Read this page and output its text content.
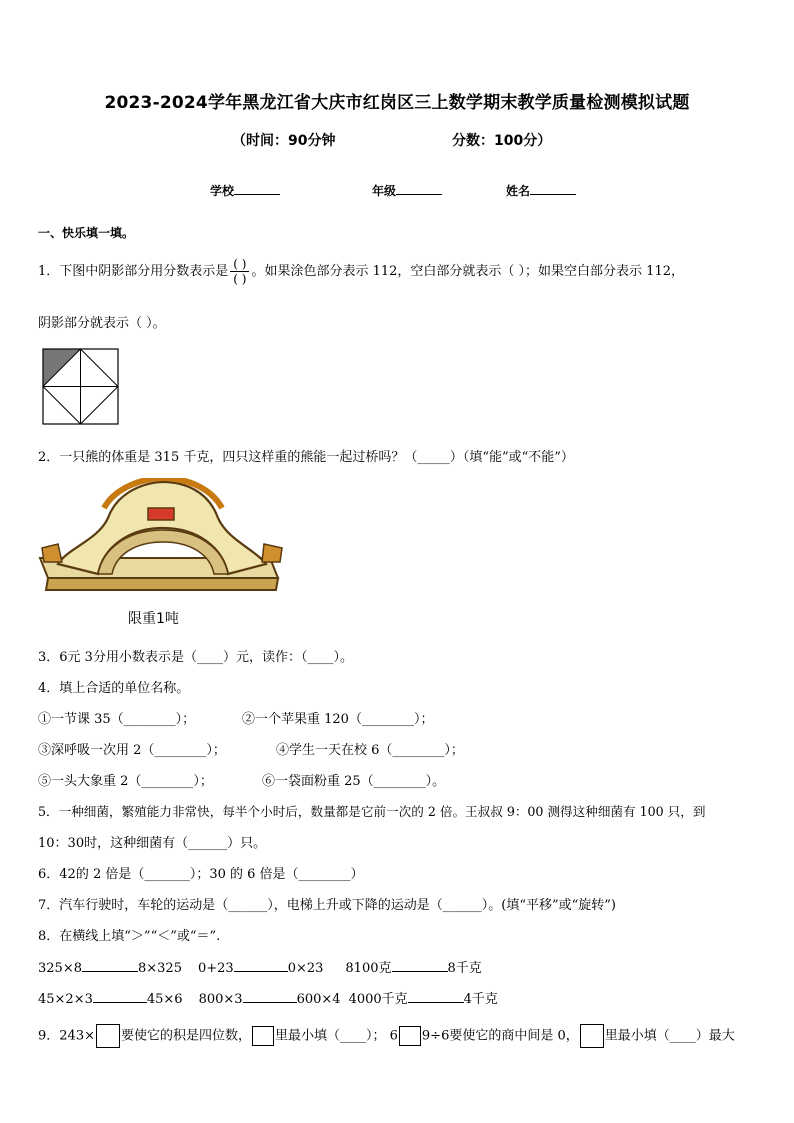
2023-2024学年黑龙江省大庆市红岗区三上数学期末教学质量检测模拟试题
（时间：90分钟	分数：100分）
学校	年级	姓名
一、快乐填一填。
1．下图中阴影部分用分数表示是 $\frac{( )}{( )}$ 。如果涂色部分表示 112，空白部分就表示（ ）；如果空白部分表示 112，
阴影部分就表示（ ）。
2．一只熊的体重是 315 千克，四只这样重的熊能一起过桥吗？（_____）（填“能”或“不能”）
限重1吨
3．6元 3分用小数表示是（____）元，读作：（____）。
4．填上合适的单位名称。
①一节课 35（________）；	②一个苹果重 120（________）；
③深呼吸一次用 2（________）；	④学生一天在校 6（________）；
⑤一头大象重 2（________）；	⑥一袋面粉重 25（________）。
5．一种细菌，繁殖能力非常快，每半个小时后，数量都是它前一次的 2 倍。王叔叔 9：00 测得这种细菌有 100 只，到
10：30时，这种细菌有（______）只。
6．42的 2 倍是（_______）；30 的 6 倍是（________）
7．汽车行驶时，车轮的运动是（______），电梯上升或下降的运动是（______）。(填“平移”或“旋转”)
8．在横线上填“＞”“＜”或“＝”.
325×8	8×325 0+23	0×23 8100克	8千克
45×2×3	45×6 800×3	600×4 4000千克	4千克
9．243× 要使它的积是四位数， 里最小填（____）； 6 9÷6要使它的商中间是 0， 里最小填（____）最大
